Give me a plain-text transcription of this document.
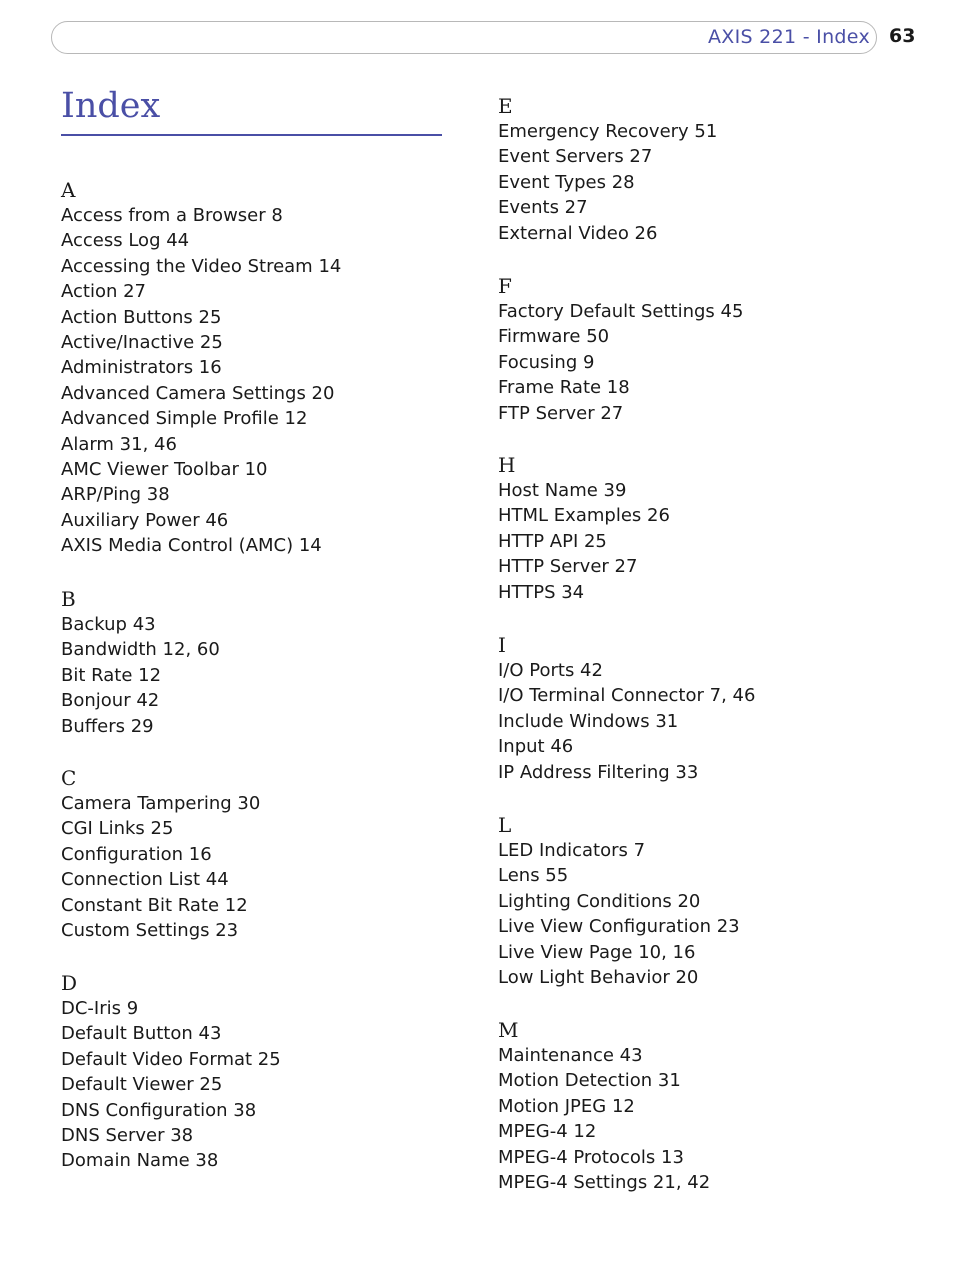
AXIS 221 - Index 63
Index
A
Access from a Browser 8
Access Log 44
Accessing the Video Stream 14
Action 27
Action Buttons 25
Active/Inactive 25
Administrators 16
Advanced Camera Settings 20
Advanced Simple Profile 12
Alarm 31, 46
AMC Viewer Toolbar 10
ARP/Ping 38
Auxiliary Power 46
AXIS Media Control (AMC) 14
B
Backup 43
Bandwidth 12, 60
Bit Rate 12
Bonjour 42
Buffers 29
C
Camera Tampering 30
CGI Links 25
Configuration 16
Connection List 44
Constant Bit Rate 12
Custom Settings 23
D
DC-Iris 9
Default Button 43
Default Video Format 25
Default Viewer 25
DNS Configuration 38
DNS Server 38
Domain Name 38
E
Emergency Recovery 51
Event Servers 27
Event Types 28
Events 27
External Video 26
F
Factory Default Settings 45
Firmware 50
Focusing 9
Frame Rate 18
FTP Server 27
H
Host Name 39
HTML Examples 26
HTTP API 25
HTTP Server 27
HTTPS 34
I
I/O Ports 42
I/O Terminal Connector 7, 46
Include Windows 31
Input 46
IP Address Filtering 33
L
LED Indicators 7
Lens 55
Lighting Conditions 20
Live View Configuration 23
Live View Page 10, 16
Low Light Behavior 20
M
Maintenance 43
Motion Detection 31
Motion JPEG 12
MPEG-4 12
MPEG-4 Protocols 13
MPEG-4 Settings 21, 42
